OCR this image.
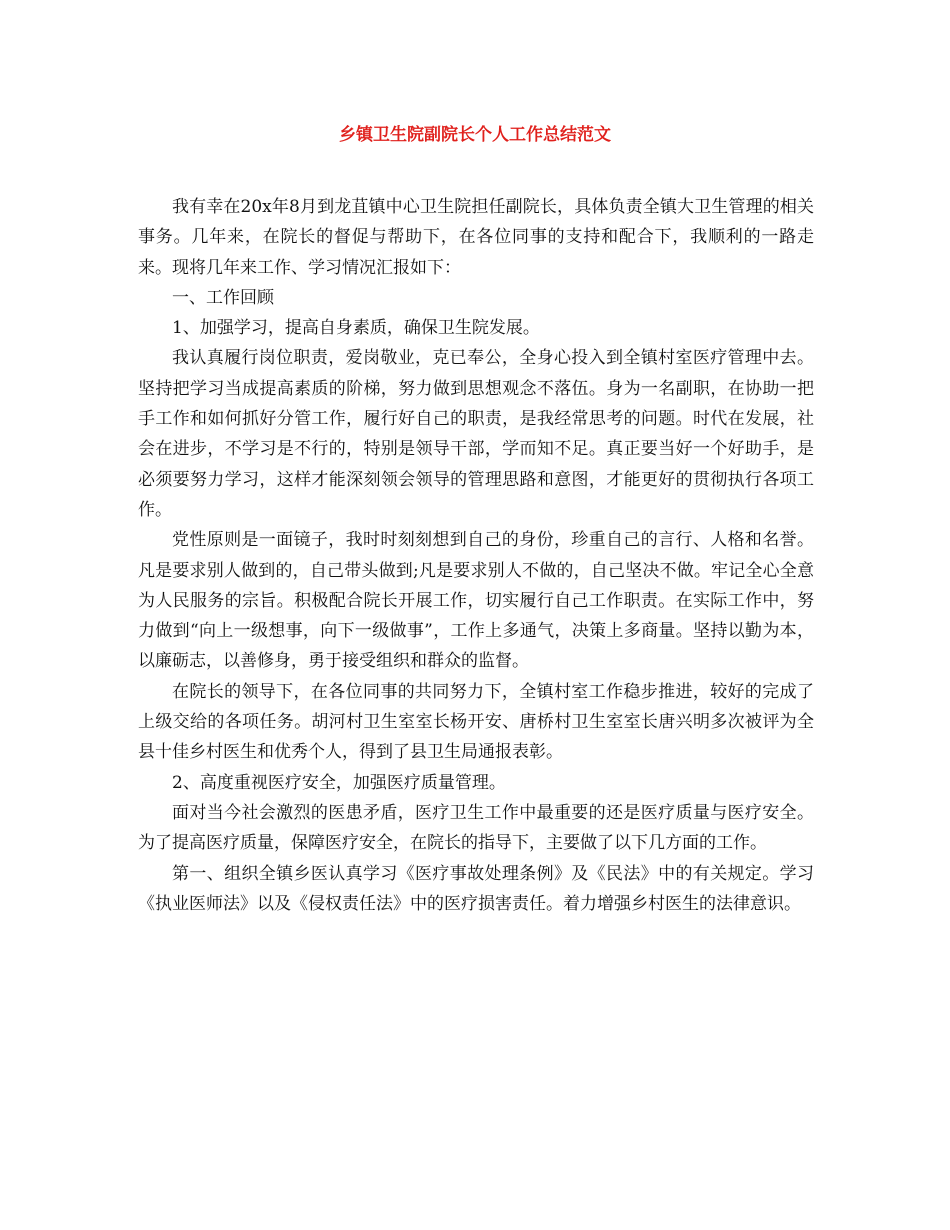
乡镇卫生院副院长个人工作总结范文

我有幸在20x年8月到龙苴镇中心卫生院担任副院长，具体负责全镇大卫生管理的相关事务。几年来，在院长的督促与帮助下，在各位同事的支持和配合下，我顺利的一路走来。现将几年来工作、学习情况汇报如下：

一、工作回顾

1、加强学习，提高自身素质，确保卫生院发展。

我认真履行岗位职责，爱岗敬业，克已奉公，全身心投入到全镇村室医疗管理中去。坚持把学习当成提高素质的阶梯，努力做到思想观念不落伍。身为一名副职，在协助一把手工作和如何抓好分管工作，履行好自己的职责，是我经常思考的问题。时代在发展，社会在进步，不学习是不行的，特别是领导干部，学而知不足。真正要当好一个好助手，是必须要努力学习，这样才能深刻领会领导的管理思路和意图，才能更好的贯彻执行各项工作。

党性原则是一面镜子，我时时刻刻想到自己的身份，珍重自己的言行、人格和名誉。凡是要求别人做到的，自己带头做到;凡是要求别人不做的，自己坚决不做。牢记全心全意为人民服务的宗旨。积极配合院长开展工作，切实履行自己工作职责。在实际工作中，努力做到“向上一级想事，向下一级做事”，工作上多通气，决策上多商量。坚持以勤为本，以廉砺志，以善修身，勇于接受组织和群众的监督。

在院长的领导下，在各位同事的共同努力下，全镇村室工作稳步推进，较好的完成了上级交给的各项任务。胡河村卫生室室长杨开安、唐桥村卫生室室长唐兴明多次被评为全县十佳乡村医生和优秀个人，得到了县卫生局通报表彰。

2、高度重视医疗安全，加强医疗质量管理。

面对当今社会激烈的医患矛盾，医疗卫生工作中最重要的还是医疗质量与医疗安全。为了提高医疗质量，保障医疗安全，在院长的指导下，主要做了以下几方面的工作。

第一、组织全镇乡医认真学习《医疗事故处理条例》及《民法》中的有关规定。学习《执业医师法》以及《侵权责任法》中的医疗损害责任。着力增强乡村医生的法律意识。
